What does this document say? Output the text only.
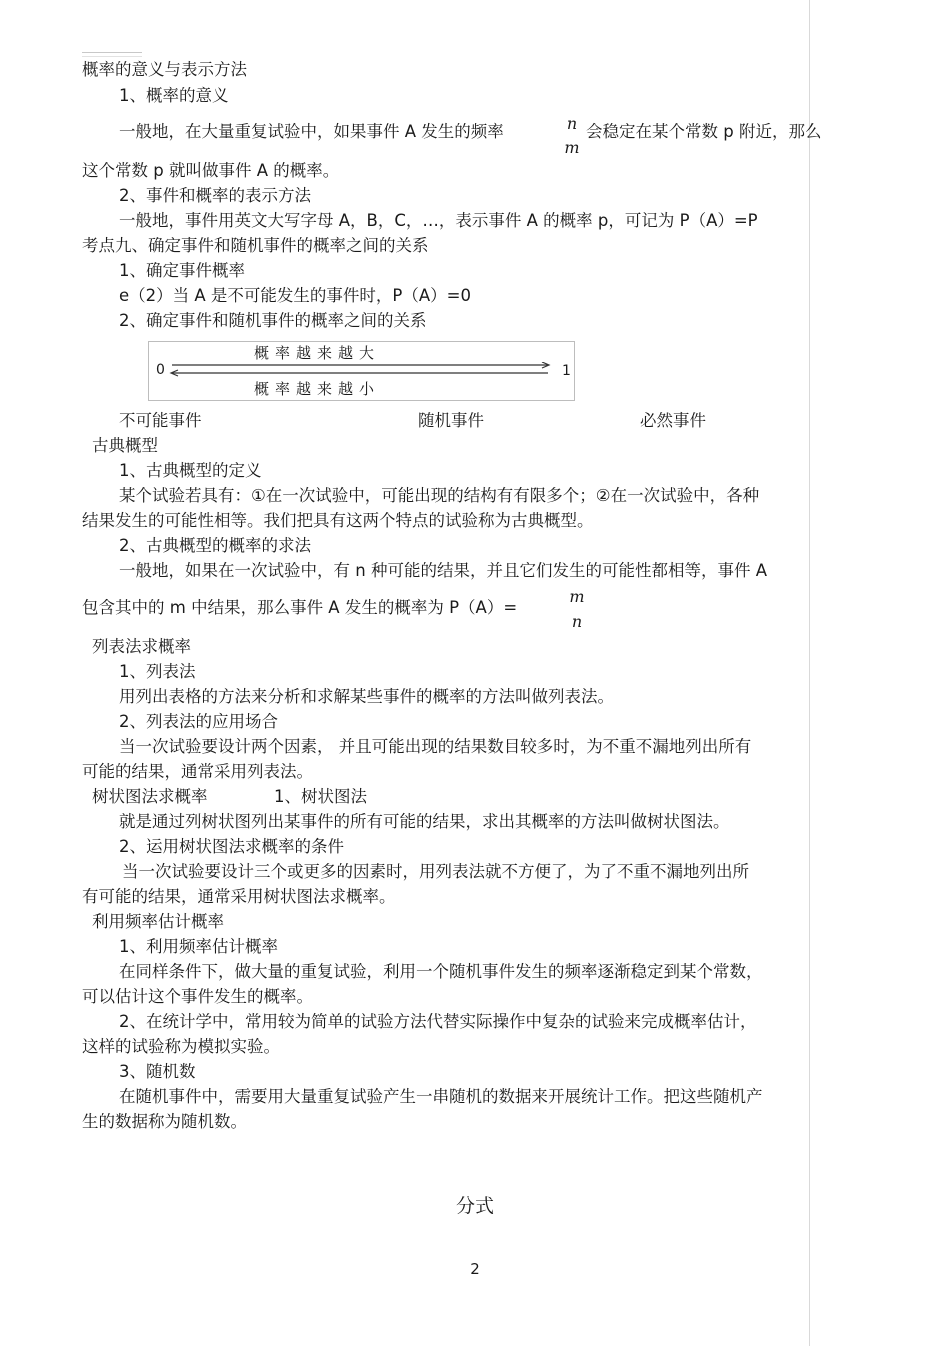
概率的意义与表示方法
1、概率的意义
一般地，在大量重复试验中，如果事件 A 发生的频率	n
m
会稳定在某个常数 p 附近，那么
这个常数 p 就叫做事件 A 的概率。
2、事件和概率的表示方法
一般地，事件用英文大写字母 A，B，C，…，表示事件 A 的概率 p，可记为 P（A）=P
考点九、确定事件和随机事件的概率之间的关系
1、确定事件概率
e（2）当 A 是不可能发生的事件时，P（A）=0
2、确定事件和随机事件的概率之间的关系
概率越来越大
概率越来越小
0	1
不可能事件	随机事件	必然事件
古典概型
1、古典概型的定义
某个试验若具有：①在一次试验中，可能出现的结构有有限多个；②在一次试验中，各种
结果发生的可能性相等。我们把具有这两个特点的试验称为古典概型。
2、古典概型的概率的求法
一般地，如果在一次试验中，有 n 种可能的结果，并且它们发生的可能性都相等，事件 A
包含其中的 m 中结果，那么事件 A 发生的概率为 P（A）=
m
n
列表法求概率
1、列表法
用列出表格的方法来分析和求解某些事件的概率的方法叫做列表法。
2、列表法的应用场合
当一次试验要设计两个因素， 并且可能出现的结果数目较多时，为不重不漏地列出所有
可能的结果，通常采用列表法。
树状图法求概率	1、树状图法
就是通过列树状图列出某事件的所有可能的结果，求出其概率的方法叫做树状图法。
2、运用树状图法求概率的条件
当一次试验要设计三个或更多的因素时，用列表法就不方便了，为了不重不漏地列出所
有可能的结果，通常采用树状图法求概率。
利用频率估计概率
1、利用频率估计概率
在同样条件下，做大量的重复试验，利用一个随机事件发生的频率逐渐稳定到某个常数，
可以估计这个事件发生的概率。
2、在统计学中，常用较为简单的试验方法代替实际操作中复杂的试验来完成概率估计，
这样的试验称为模拟实验。
3、随机数
在随机事件中，需要用大量重复试验产生一串随机的数据来开展统计工作。把这些随机产
生的数据称为随机数。
分式
2
